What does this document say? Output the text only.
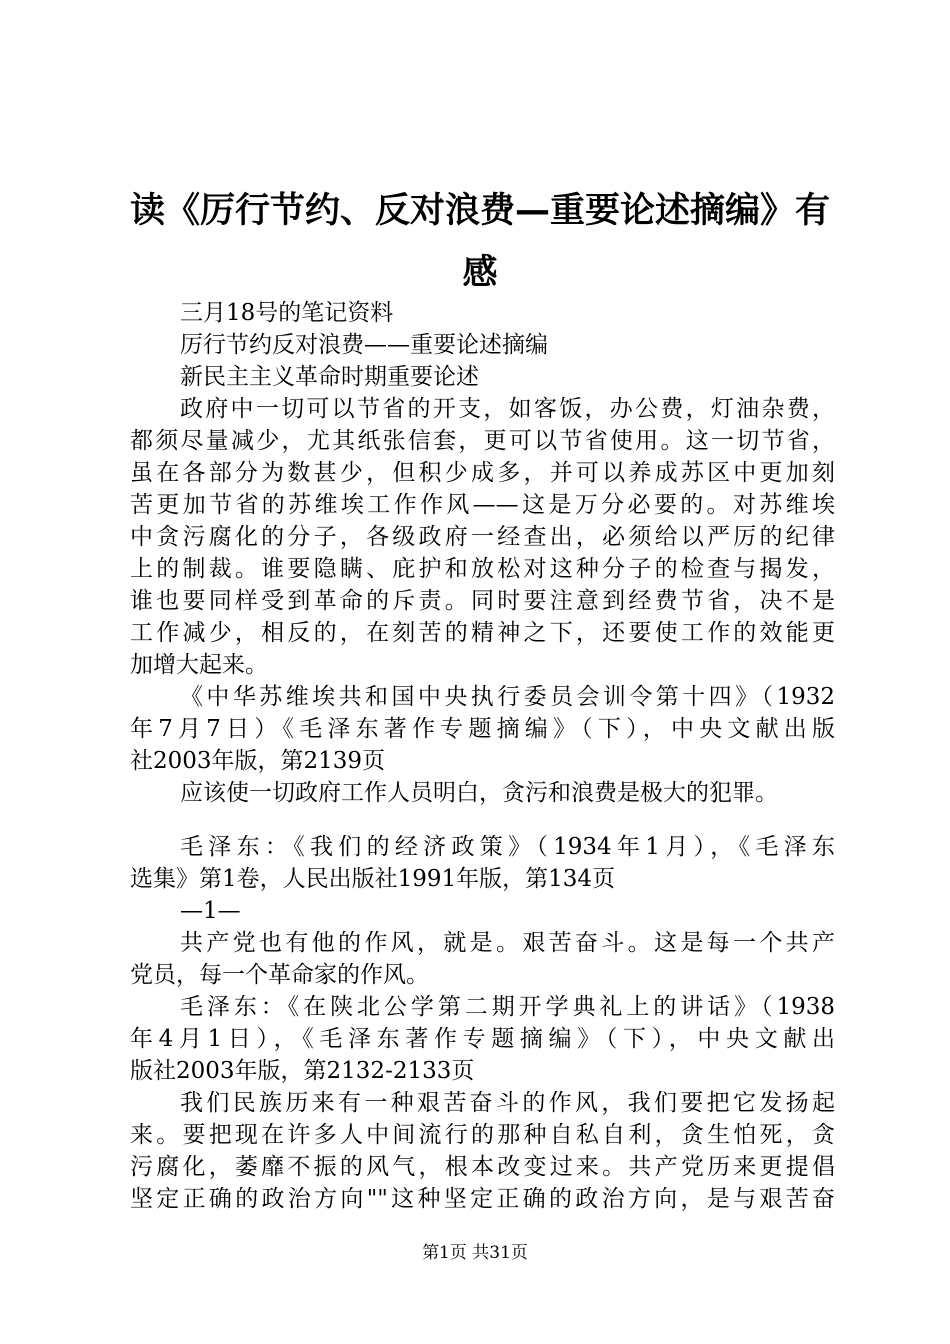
读《厉行节约、反对浪费—重要论述摘编》有
感
三月18号的笔记资料
厉行节约反对浪费——重要论述摘编
新民主主义革命时期重要论述
政府中一切可以节省的开支，如客饭，办公费，灯油杂费，
都须尽量减少，尤其纸张信套，更可以节省使用。这一切节省，
虽在各部分为数甚少，但积少成多，并可以养成苏区中更加刻
苦更加节省的苏维埃工作作风——这是万分必要的。对苏维埃
中贪污腐化的分子，各级政府一经查出，必须给以严厉的纪律
上的制裁。谁要隐瞒、庇护和放松对这种分子的检查与揭发，
谁也要同样受到革命的斥责。同时要注意到经费节省，决不是
工作减少，相反的，在刻苦的精神之下，还要使工作的效能更
加增大起来。
《中华苏维埃共和国中央执行委员会训令第十四》（1932
年7月7日）《毛泽东著作专题摘编》（下），中央文献出版
社2003年版，第2139页
应该使一切政府工作人员明白，贪污和浪费是极大的犯罪。
毛泽东：《我们的经济政策》（1934年1月），《毛泽东
选集》第1卷，人民出版社1991年版，第134页
—1—
共产党也有他的作风，就是。艰苦奋斗。这是每一个共产
党员，每一个革命家的作风。
毛泽东：《在陕北公学第二期开学典礼上的讲话》（1938
年4月1日），《毛泽东著作专题摘编》（下），中央文献出
版社2003年版，第2132-2133页
我们民族历来有一种艰苦奋斗的作风，我们要把它发扬起
来。要把现在许多人中间流行的那种自私自利，贪生怕死，贪
污腐化，萎靡不振的风气，根本改变过来。共产党历来更提倡
坚定正确的政治方向""这种坚定正确的政治方向，是与艰苦奋
第1页 共31页
